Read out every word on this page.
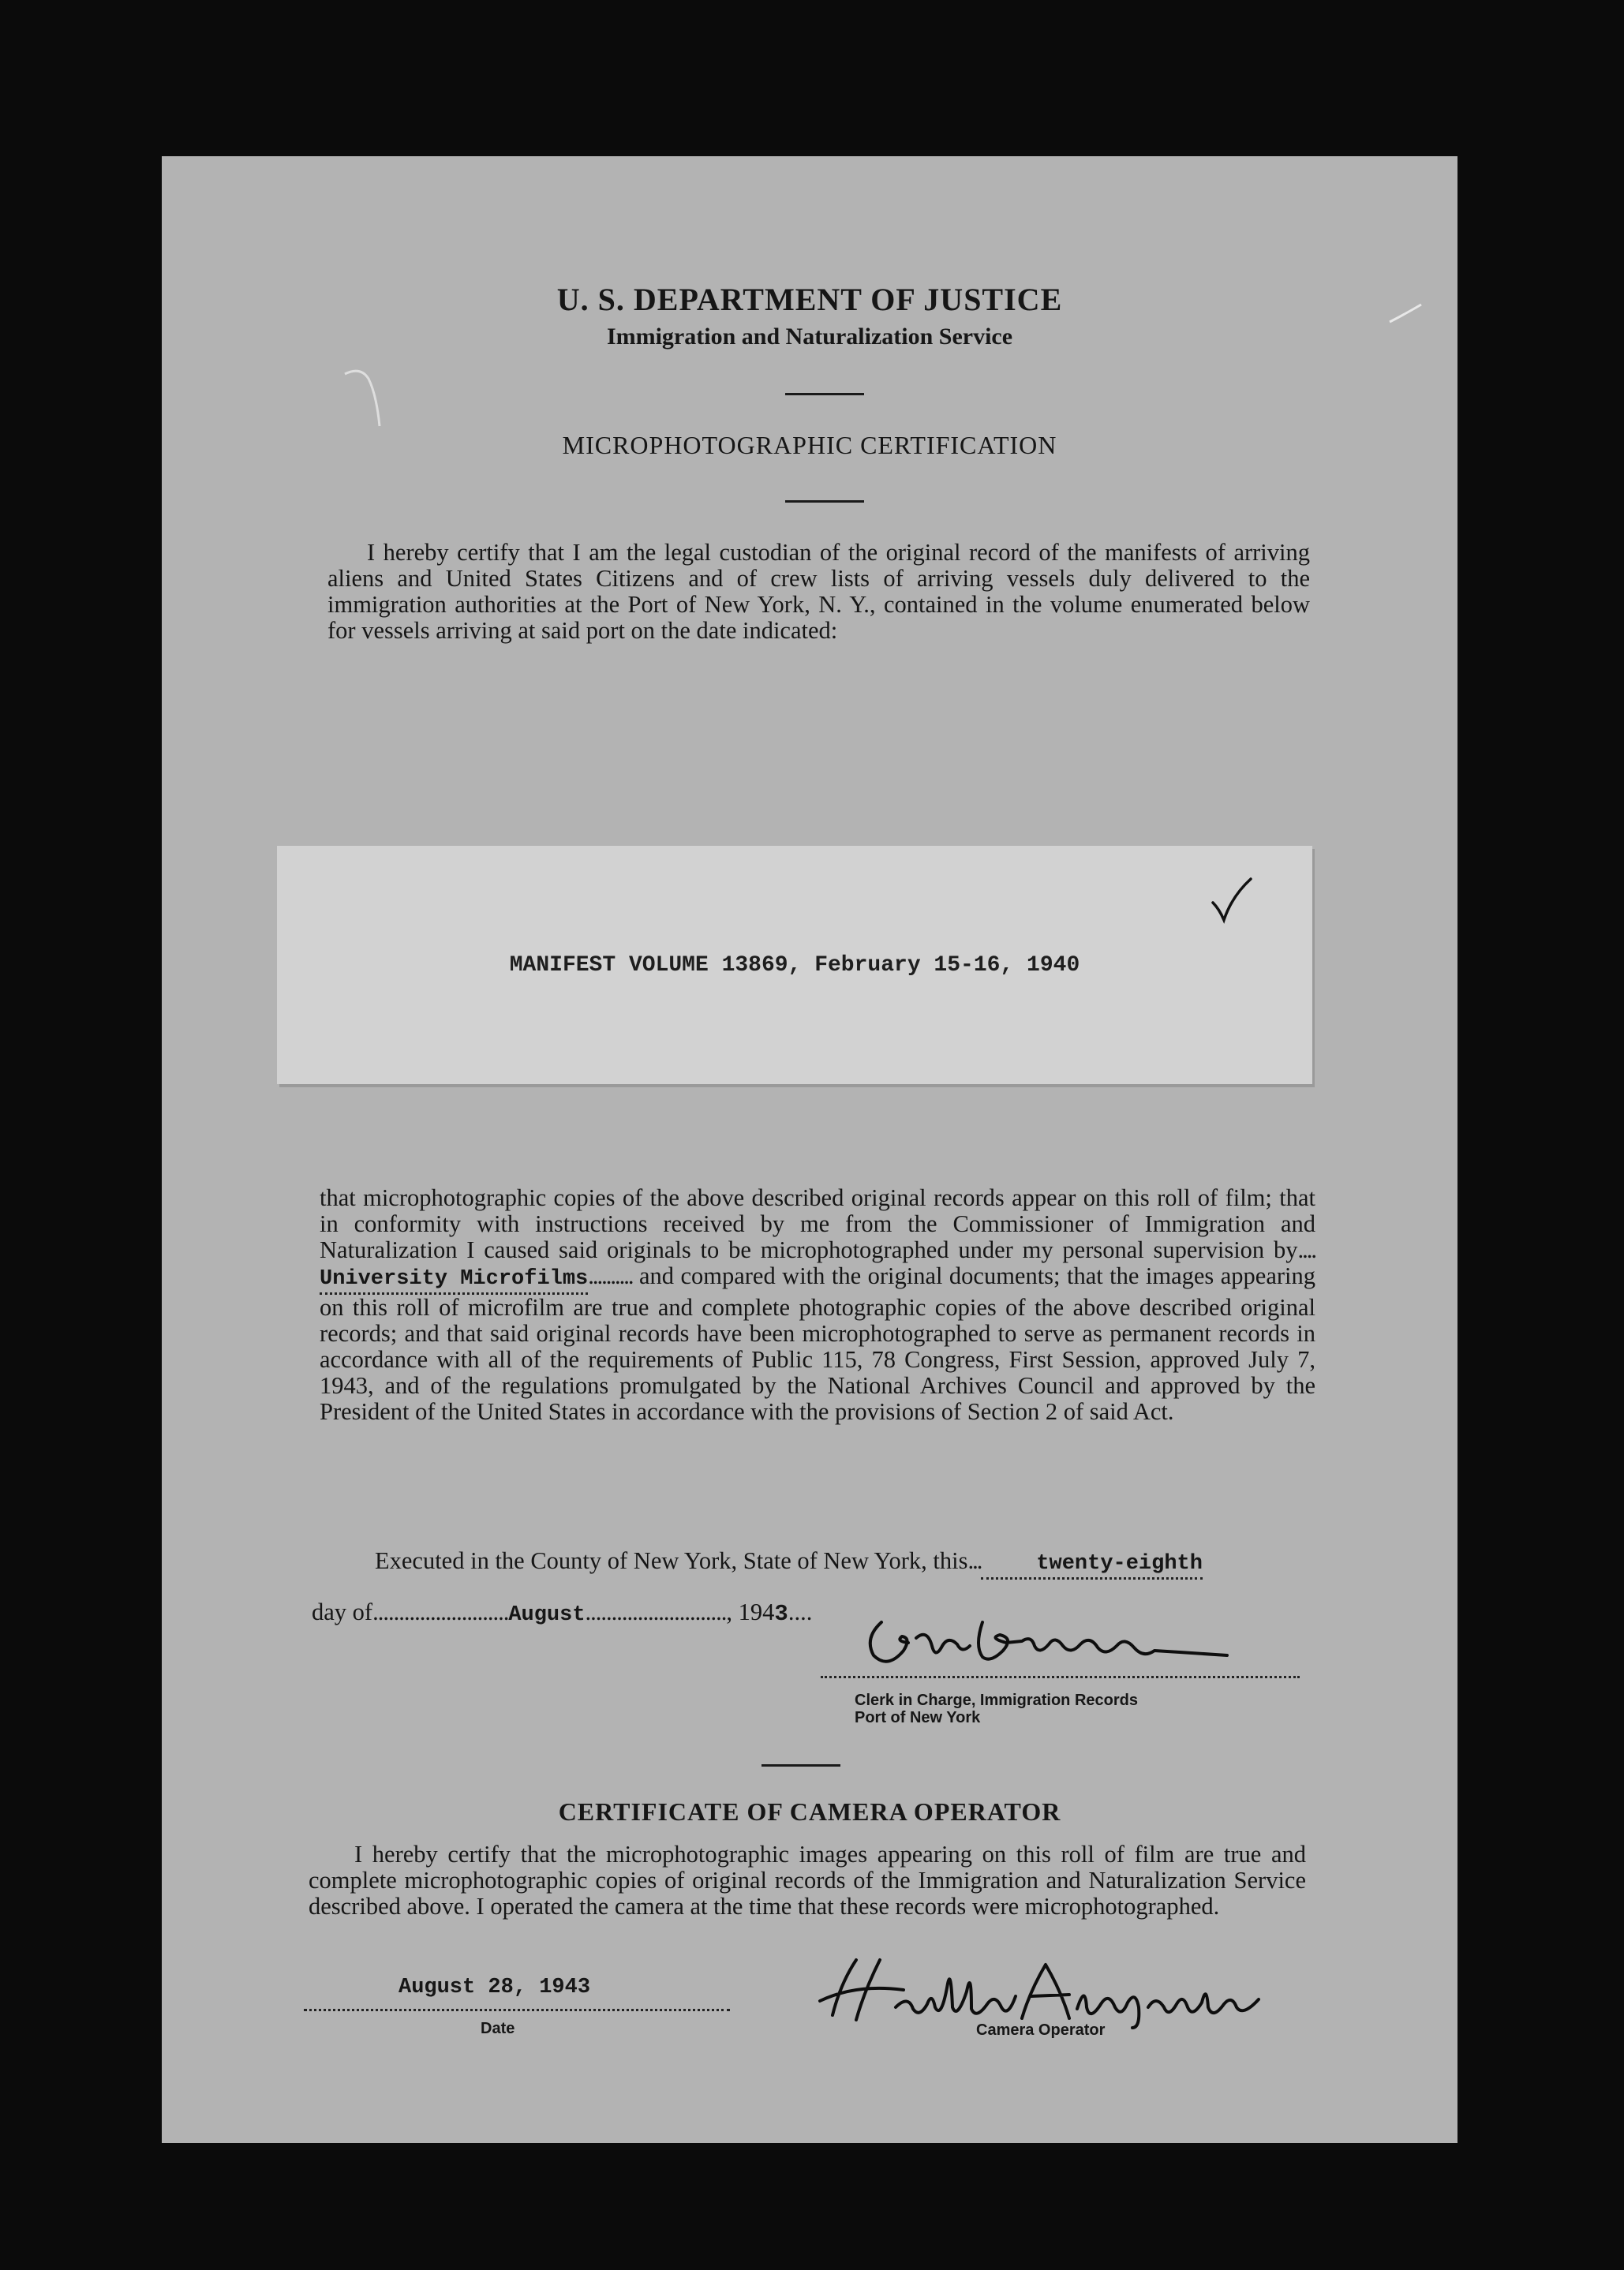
U. S. DEPARTMENT OF JUSTICE
Immigration and Naturalization Service
MICROPHOTOGRAPHIC CERTIFICATION

I hereby certify that I am the legal custodian of the original record of the manifests of arriving aliens and United States Citizens and of crew lists of arriving vessels duly delivered to the immigration authorities at the Port of New York, N. Y., contained in the volume enumerated below for vessels arriving at said port on the date indicated:

MANIFEST VOLUME 13869, February 15-16, 1940

that microphotographic copies of the above described original records appear on this roll of film; that in conformity with instructions received by me from the Commissioner of Immigration and Naturalization I caused said originals to be microphotographed under my personal supervision by....University Microfilms.......... and compared with the original documents; that the images appearing on this roll of microfilm are true and complete photographic copies of the above described original records; and that said original records have been microphotographed to serve as permanent records in accordance with all of the requirements of Public 115, 78 Congress, First Session, approved July 7, 1943, and of the regulations promulgated by the National Archives Council and approved by the President of the United States in accordance with the provisions of Section 2 of said Act.

Executed in the County of New York, State of New York, this...	twenty-eighth

day of..........................August..........................., 1943....
Clerk in Charge, Immigration Records
Port of New York
CERTIFICATE OF CAMERA OPERATOR

I hereby certify that the microphotographic images appearing on this roll of film are true and complete microphotographic copies of original records of the Immigration and Naturalization Service described above. I operated the camera at the time that these records were microphotographed.

August 28, 1943
Date	Camera Operator
